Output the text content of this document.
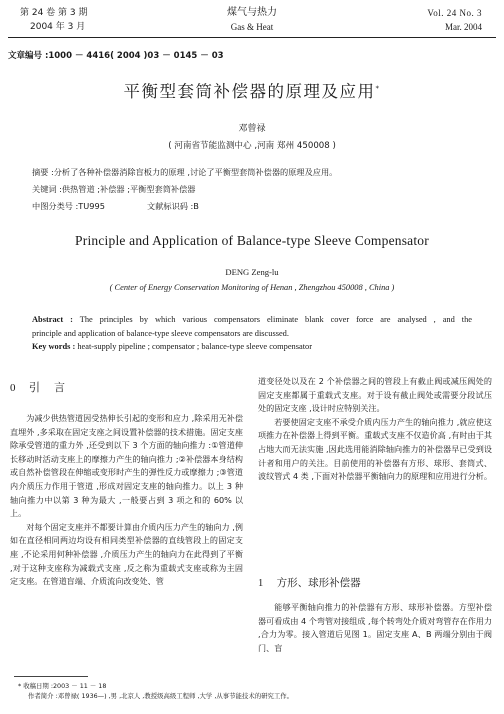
第 24 卷 第 3 期
2004 年 3 月
煤气与热力
Gas & Heat
Vol. 24 No. 3
Mar. 2004
文章编号 :1000 － 4416( 2004 )03 － 0145 － 03
平衡型套筒补偿器的原理及应用*
邓曾禄
( 河南省节能监测中心 ,河南 郑州 450008 )
摘要 :分析了各种补偿器消除盲板力的原理 ,讨论了平衡型套筒补偿器的原理及应用。
关键词 :供热管道 ;补偿器 ;平衡型套筒补偿器
中图分类号 :TU995	文献标识码 :B
Principle and Application of Balance-type Sleeve Compensator
DENG Zeng-lu
( Center of Energy Conservation Monitoring of Henan , Zhengzhou 450008 , China )
Abstract : The principles by which various compensators eliminate blank cover force are analysed , and the
principle and application of balance-type sleeve compensators are discussed.
Key words : heat-supply pipeline ; compensator ; balance-type sleeve compensator
0 引    言

为减少供热管道因受热伸长引起的变形和应力 ,除采用无补偿直埋外 ,多采取在固定支座之间设置补偿器的技术措施。固定支座除承受管道的重力外 ,还受到以下 3 个方面的轴向推力 :①管道伸长移动时活动支座上的摩擦力产生的轴向推力 ;②补偿器本身结构或自然补偿管段在伸缩或变形时产生的弹性反力或摩擦力 ;③管道内介质压力作用于管道 ,形成对固定支座的轴向推力。以上 3 种轴向推力中以第 3 种为最大 ,一般要占到 3 项之和的 60% 以上。

对每个固定支座并不都要计算由介质内压力产生的轴向力 ,例如在直径相同两边均设有相同类型补偿器的直线管段上的固定支座 ,不论采用何种补偿器 ,介质压力产生的轴向力在此得到了平衡 ,对于这种支座称为减载式支座 ,反之称为重载式支座或称为主固定支座。在管道盲端、介质流向改变处、管

道变径处以及在 2 个补偿器之间的管段上有截止阀或减压阀处的固定支座都属于重载式支座。对于设有截止阀处或需要分段试压处的固定支座 ,设计时应特别关注。

若要使固定支座不承受介质内压力产生的轴向推力 ,就应使这项推力在补偿器上得到平衡。重载式支座不仅造价高 ,有时由于其占地大而无法实施 ,因此选用能消除轴向推力的补偿器早已受到设计者和用户的关注。目前使用的补偿器有方形、球形、套筒式、波纹管式 4 类 ,下面对补偿器平衡轴向力的原理和应用进行分析。

1 方形、球形补偿器

能够平衡轴向推力的补偿器有方形、球形补偿器。方型补偿器可看成由 4 个弯管对接组成 ,每个转弯处介质对弯管存在作用力 ,合力为零。接入管道后见图 1。固定支座 A、B 两端分别由于阀门、盲

* 收稿日期 :2003 － 11 － 18
作者简介 :邓曾禄( 1936—) ,男 ,北京人 ,教授级高级工程师 ,大学 ,从事节能技术的研究工作。
